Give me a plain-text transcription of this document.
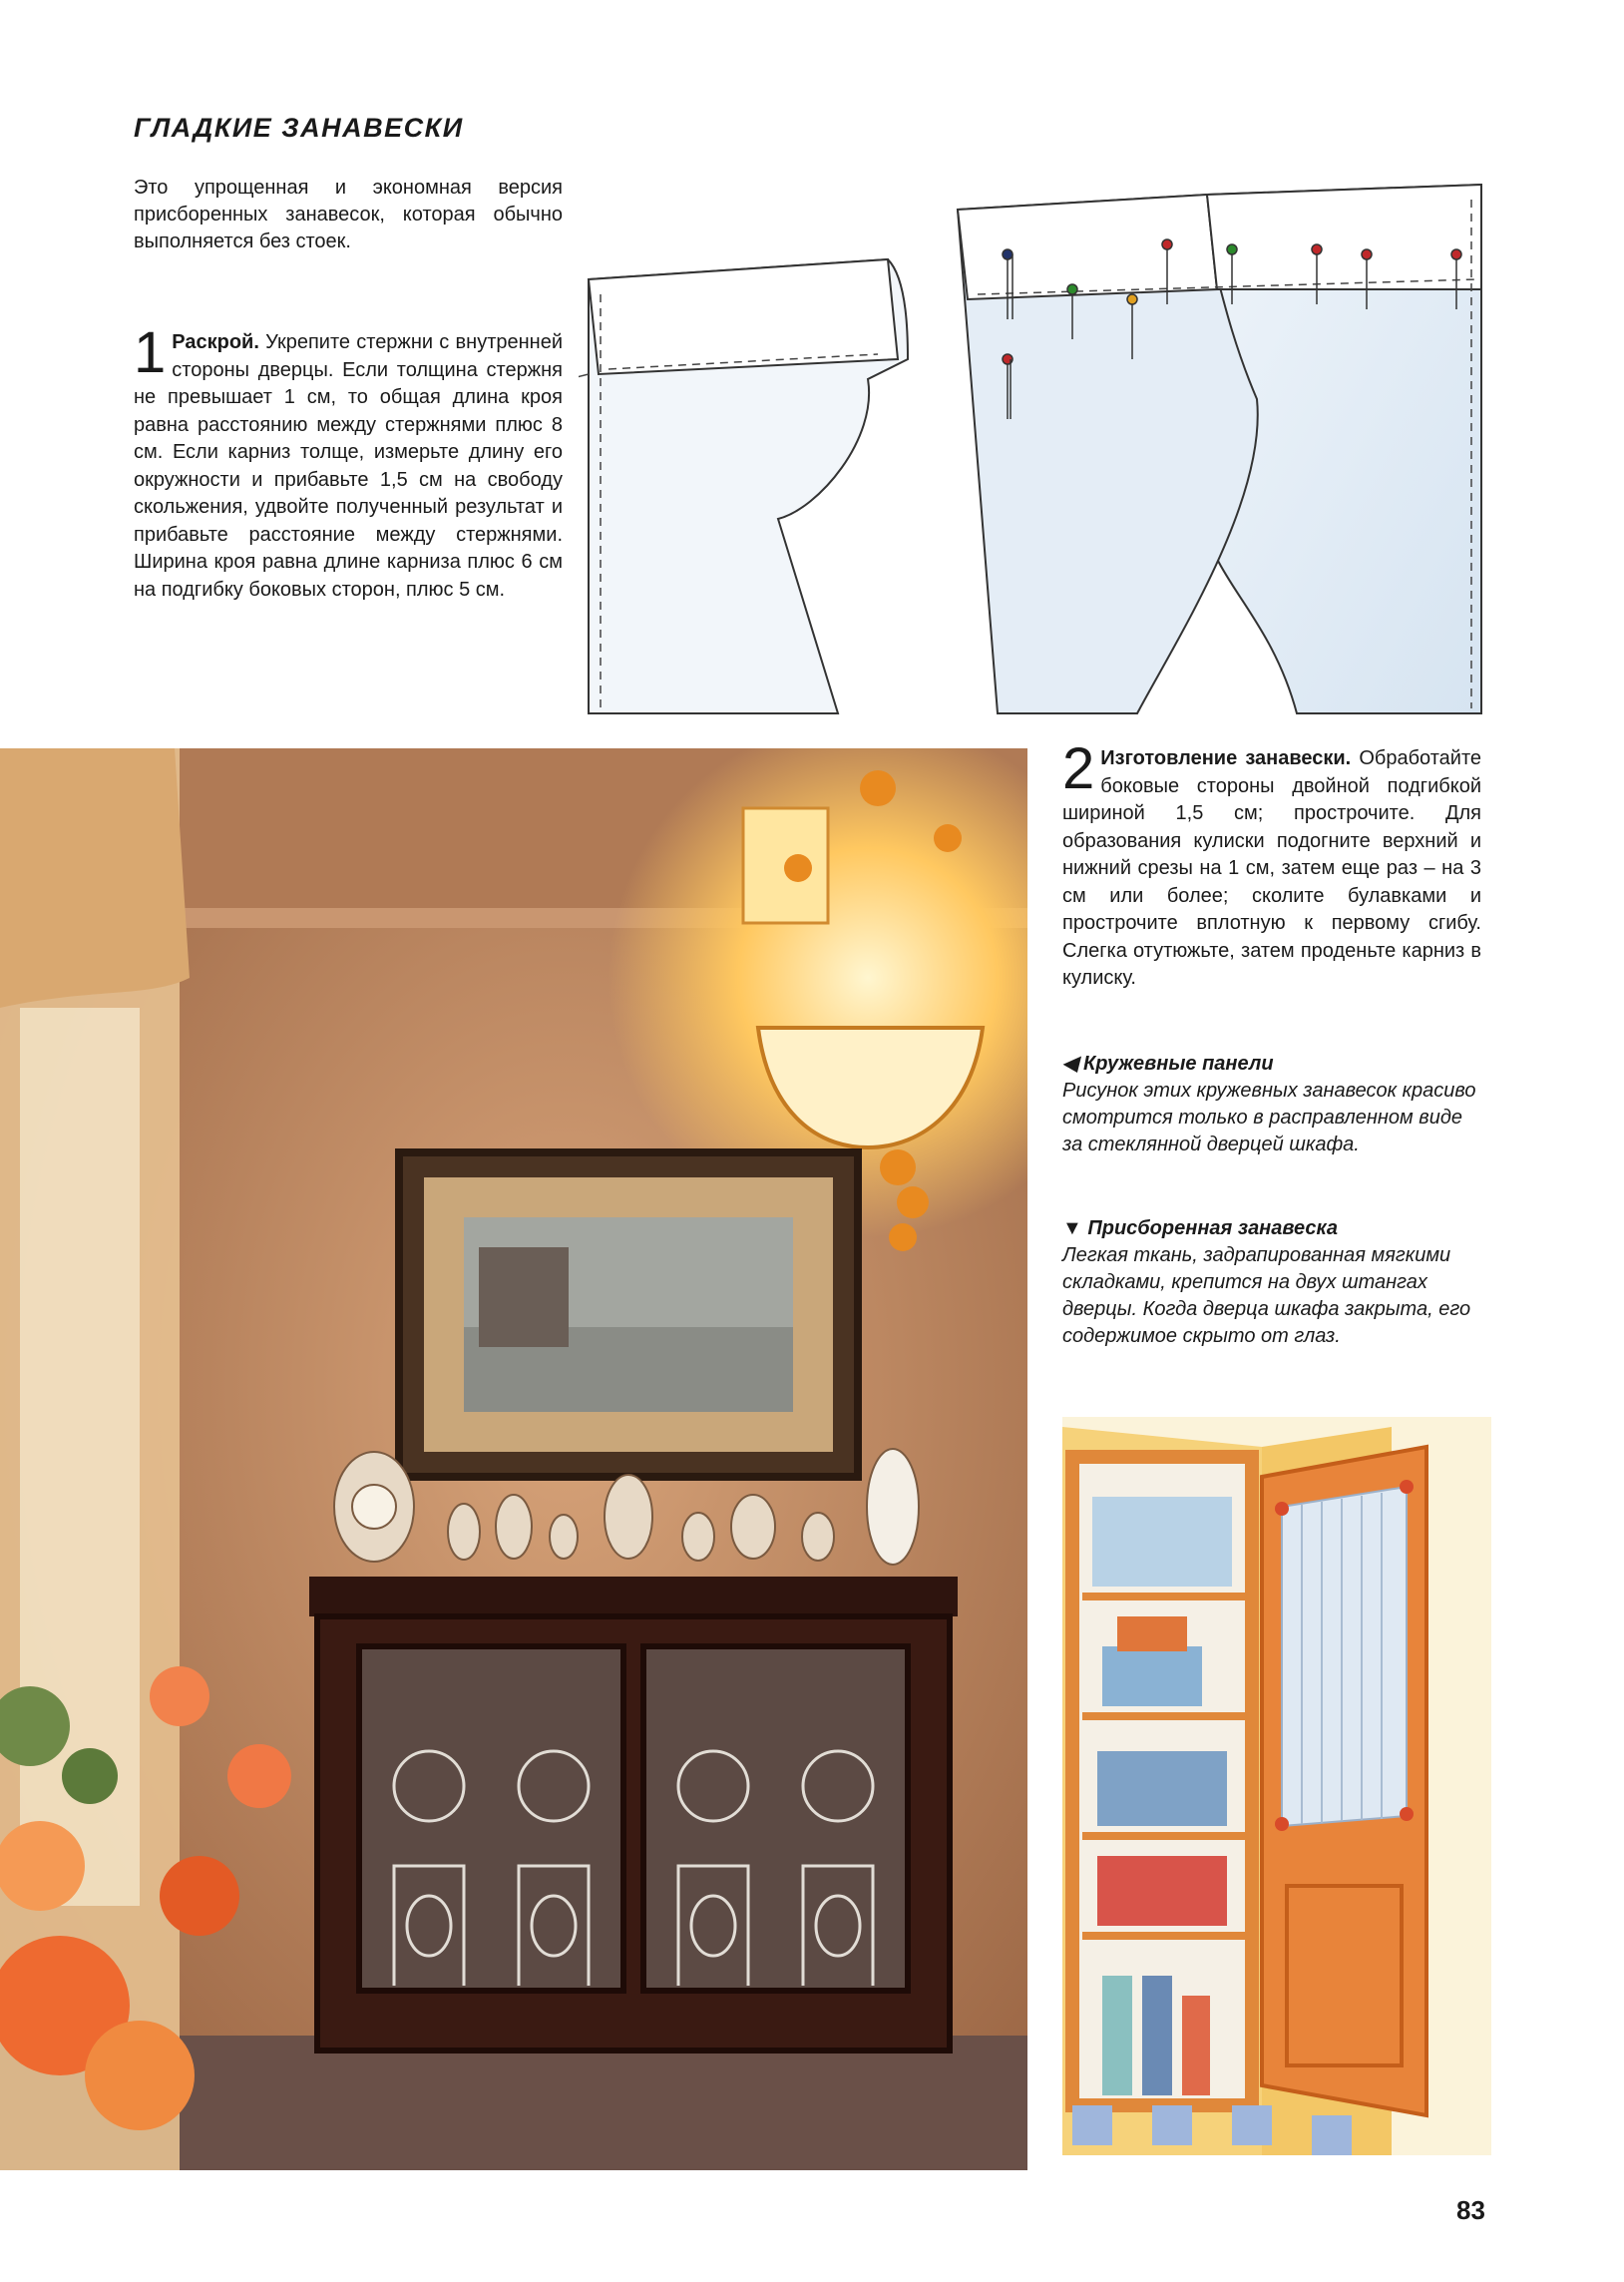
ГЛАДКИЕ ЗАНАВЕСКИ
Это упрощенная и экономная версия присборенных занавесок, которая обычно выполняется без стоек.
1 Раскрой. Укрепите стержни с внутренней стороны дверцы. Если толщина стержня не превышает 1 см, то общая длина кроя равна расстоянию между стержнями плюс 8 см. Если карниз толще, измерьте длину его окружности и прибавьте 1,5 см на свободу скольжения, удвойте полученный результат и прибавьте расстояние между стержнями. Ширина кроя равна длине карниза плюс 6 см на подгибку боковых сторон, плюс 5 см.
2 Изготовление занавески. Обработайте боковые стороны двойной подгибкой шириной 1,5 см; прострочите. Для образования кулиски подогните верхний и нижний срезы на 1 см, затем еще раз – на 3 см или более; сколите булавками и прострочите вплотную к первому сгибу. Слегка отутюжьте, затем проденьте карниз в кулиску.
◀ Кружевные панели
Рисунок этих кружевных занавесок красиво смотрится только в расправленном виде за стеклянной дверцей шкафа.
▼ Присборенная занавеска
Легкая ткань, задрапированная мягкими складками, крепится на двух штангах дверцы. Когда дверца шкафа закрыта, его содержимое скрыто от глаз.
83
